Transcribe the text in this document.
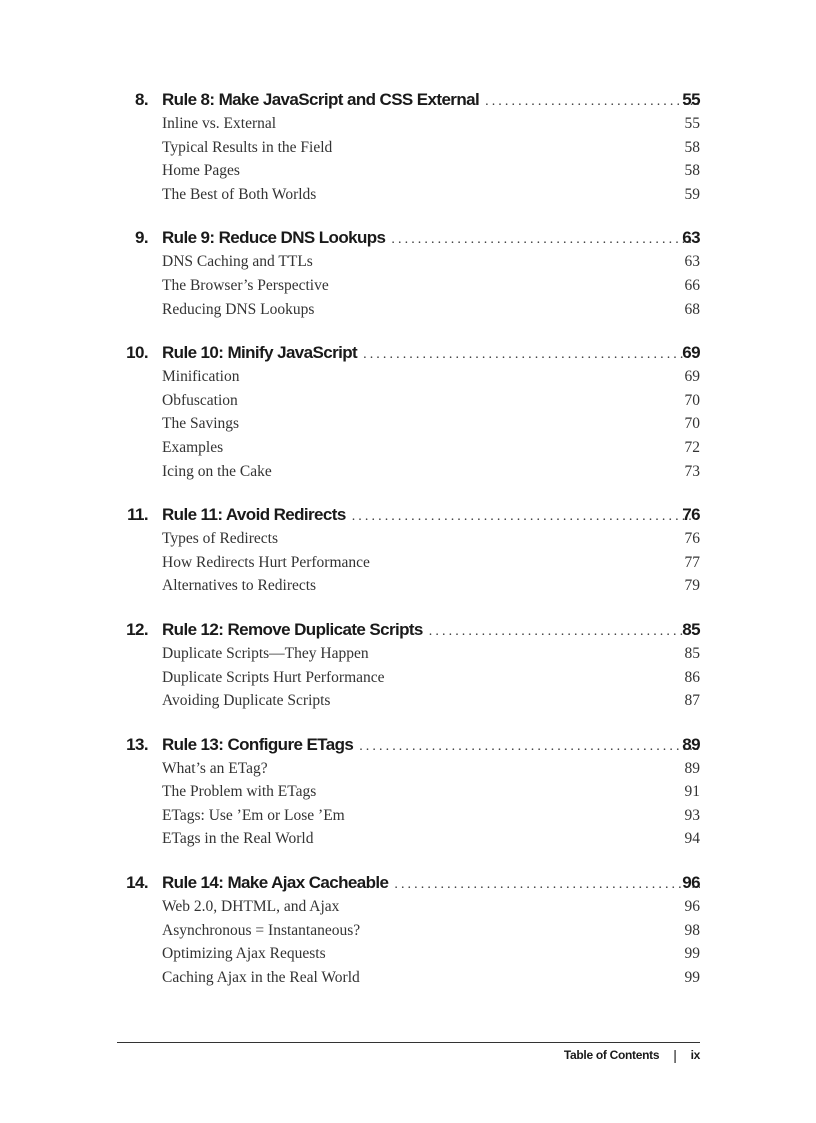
8. Rule 8: Make JavaScript and CSS External . . .	55
Inline vs. External	55
Typical Results in the Field	58
Home Pages	58
The Best of Both Worlds	59
9. Rule 9: Reduce DNS Lookups . . .	63
DNS Caching and TTLs	63
The Browser’s Perspective	66
Reducing DNS Lookups	68
10. Rule 10: Minify JavaScript . . .	69
Minification	69
Obfuscation	70
The Savings	70
Examples	72
Icing on the Cake	73
11. Rule 11: Avoid Redirects . . .	76
Types of Redirects	76
How Redirects Hurt Performance	77
Alternatives to Redirects	79
12. Rule 12: Remove Duplicate Scripts . . .	85
Duplicate Scripts—They Happen	85
Duplicate Scripts Hurt Performance	86
Avoiding Duplicate Scripts	87
13. Rule 13: Configure ETags . . .	89
What’s an ETag?	89
The Problem with ETags	91
ETags: Use ’Em or Lose ’Em	93
ETags in the Real World	94
14. Rule 14: Make Ajax Cacheable . . .	96
Web 2.0, DHTML, and Ajax	96
Asynchronous = Instantaneous?	98
Optimizing Ajax Requests	99
Caching Ajax in the Real World	99
Table of Contents | ix
